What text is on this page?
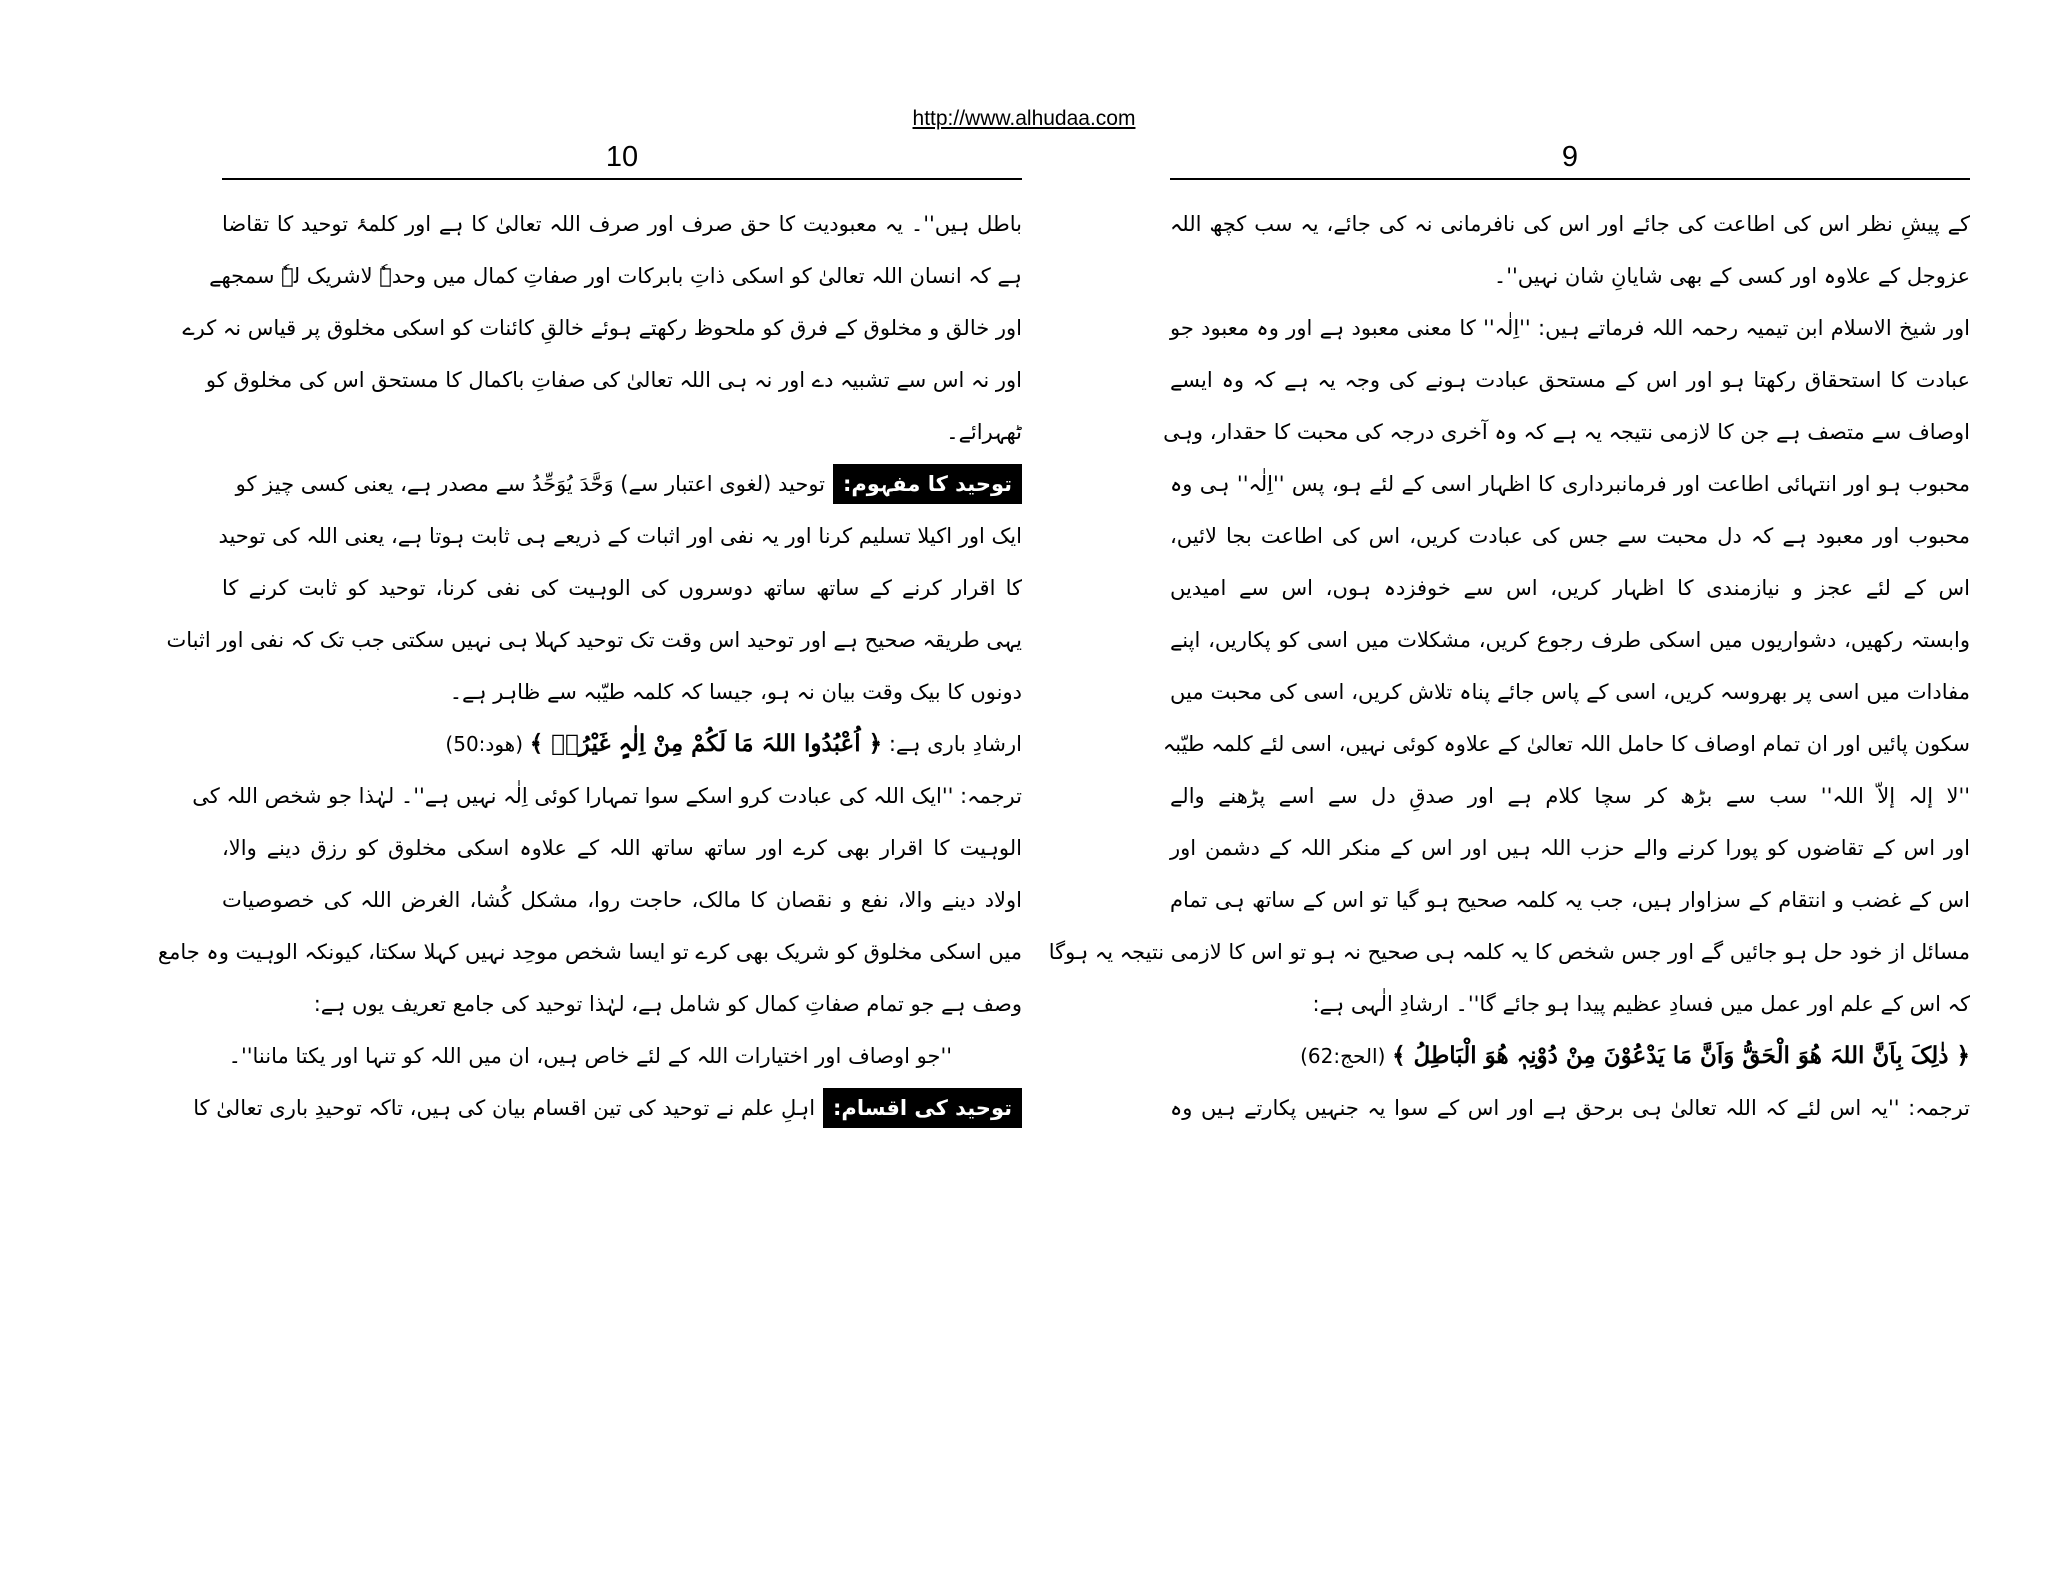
http://www.alhudaa.com
10
باطل ہیں''۔ یہ معبودیت کا حق صرف اور صرف اللہ تعالیٰ کا ہے اور کلمۂ توحید کا تقاضا
ہے کہ انسان اللہ تعالیٰ کو اسکی ذاتِ بابرکات اور صفاتِ کمال میں وحدہٗ لاشریک لہٗ سمجھے
اور خالق و مخلوق کے فرق کو ملحوظ رکھتے ہوئے خالقِ کائنات کو اسکی مخلوق پر قیاس نہ کرے
اور نہ اس سے تشبیہ دے اور نہ ہی اللہ تعالیٰ کی صفاتِ باکمال کا مستحق اس کی مخلوق کو
ٹھہرائے۔
توحید کا مفہوم:توحید (لغوی اعتبار سے) وَحَّدَ یُوَحِّدُ سے مصدر ہے، یعنی کسی چیز کو
ایک اور اکیلا تسلیم کرنا اور یہ نفی اور اثبات کے ذریعے ہی ثابت ہوتا ہے، یعنی اللہ کی توحید
کا اقرار کرنے کے ساتھ ساتھ دوسروں کی الوہیت کی نفی کرنا، توحید کو ثابت کرنے کا
یہی طریقہ صحیح ہے اور توحید اس وقت تک توحید کہلا ہی نہیں سکتی جب تک کہ نفی اور اثبات
دونوں کا بیک وقت بیان نہ ہو، جیسا کہ کلمہ طیّبہ سے ظاہر ہے۔
ارشادِ باری ہے: ﴿ اُعْبُدُوا اللہَ مَا لَکُمْ مِنْ اِلٰہٍ غَیْرُہٗ ﴾ (ھود:50)
ترجمہ: ''ایک اللہ کی عبادت کرو اسکے سوا تمہارا کوئی اِلٰہ نہیں ہے''۔ لہٰذا جو شخص اللہ کی
الوہیت کا اقرار بھی کرے اور ساتھ ساتھ اللہ کے علاوہ اسکی مخلوق کو رزق دینے والا،
اولاد دینے والا، نفع و نقصان کا مالک، حاجت روا، مشکل کُشا، الغرض اللہ کی خصوصیات
میں اسکی مخلوق کو شریک بھی کرے تو ایسا شخص موحِد نہیں کہلا سکتا، کیونکہ الوہیت وہ جامع
وصف ہے جو تمام صفاتِ کمال کو شامل ہے، لہٰذا توحید کی جامع تعریف یوں ہے:
''جو اوصاف اور اختیارات اللہ کے لئے خاص ہیں، ان میں اللہ کو تنہا اور یکتا ماننا''۔
توحید کی اقسام:اہلِ علم نے توحید کی تین اقسام بیان کی ہیں، تاکہ توحیدِ باری تعالیٰ کا
9
کے پیشِ نظر اس کی اطاعت کی جائے اور اس کی نافرمانی نہ کی جائے، یہ سب کچھ اللہ
عزوجل کے علاوہ اور کسی کے بھی شایانِ شان نہیں''۔
اور شیخ الاسلام ابن تیمیہ رحمہ اللہ فرماتے ہیں: ''اِلٰہ'' کا معنی معبود ہے اور وہ معبود جو
عبادت کا استحقاق رکھتا ہو اور اس کے مستحق عبادت ہونے کی وجہ یہ ہے کہ وہ ایسے
اوصاف سے متصف ہے جن کا لازمی نتیجہ یہ ہے کہ وہ آخری درجہ کی محبت کا حقدار، وہی
محبوب ہو اور انتہائی اطاعت اور فرمانبرداری کا اظہار اسی کے لئے ہو، پس ''اِلٰہ'' ہی وہ
محبوب اور معبود ہے کہ دل محبت سے جس کی عبادت کریں، اس کی اطاعت بجا لائیں،
اس کے لئے عجز و نیازمندی کا اظہار کریں، اس سے خوفزدہ ہوں، اس سے امیدیں
وابستہ رکھیں، دشواریوں میں اسکی طرف رجوع کریں، مشکلات میں اسی کو پکاریں، اپنے
مفادات میں اسی پر بھروسہ کریں، اسی کے پاس جائے پناہ تلاش کریں، اسی کی محبت میں
سکون پائیں اور ان تمام اوصاف کا حامل اللہ تعالیٰ کے علاوہ کوئی نہیں، اسی لئے کلمہ طیّبہ
''لا إلہ إلاّ اللہ'' سب سے بڑھ کر سچا کلام ہے اور صدقِ دل سے اسے پڑھنے والے
اور اس کے تقاضوں کو پورا کرنے والے حزب اللہ ہیں اور اس کے منکر اللہ کے دشمن اور
اس کے غضب و انتقام کے سزاوار ہیں، جب یہ کلمہ صحیح ہو گیا تو اس کے ساتھ ہی تمام
مسائل از خود حل ہو جائیں گے اور جس شخص کا یہ کلمہ ہی صحیح نہ ہو تو اس کا لازمی نتیجہ یہ ہوگا
کہ اس کے علم اور عمل میں فسادِ عظیم پیدا ہو جائے گا''۔ ارشادِ الٰہی ہے:
﴿ ذٰلِکَ بِاَنَّ اللہَ ھُوَ الْحَقُّ وَاَنَّ مَا یَدْعُوْنَ مِنْ دُوْنِہٖ ھُوَ الْبَاطِلُ ﴾ (الحج:62)
ترجمہ: ''یہ اس لئے کہ اللہ تعالیٰ ہی برحق ہے اور اس کے سوا یہ جنہیں پکارتے ہیں وہ
